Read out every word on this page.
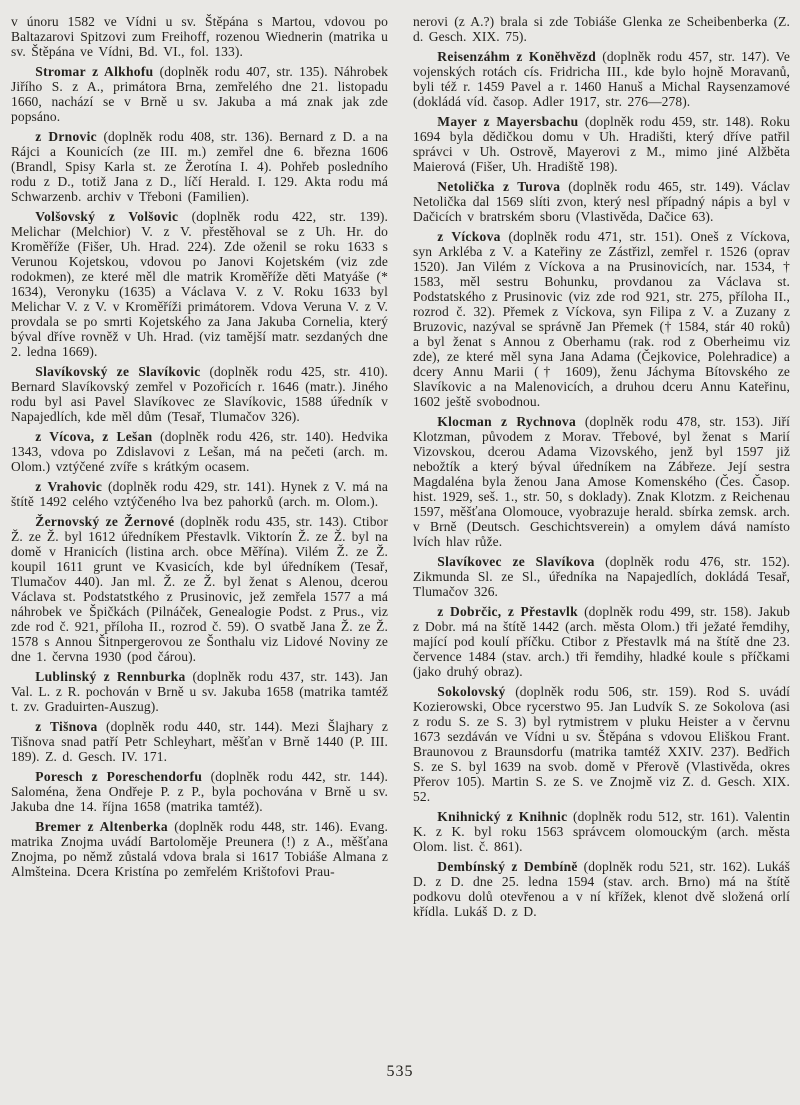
v únoru 1582 ve Vídni u sv. Štěpána s Martou, vdovou po Baltazarovi Spitzovi zum Freihoff, rozenou Wiednerin (matrika u sv. Štěpána ve Vídni, Bd. VI., fol. 133).

Stromar z Alkhofu (doplněk rodu 407, str. 135). Náhrobek Jiřího S. z A., primátora Brna, zemřelého dne 21. listopadu 1660, nachází se v Brně u sv. Jakuba a má znak jak zde popsáno.

z Drnovic (doplněk rodu 408, str. 136). Bernard z D. a na Rájci a Kounicích (ze III. m.) zemřel dne 6. března 1606 (Brandl, Spisy Karla st. ze Žerotína I. 4). Pohřeb posledního rodu z D., totiž Jana z D., líčí Herald. I. 129. Akta rodu má Schwarzenb. archiv v Třeboni (Familien).

Volšovský z Volšovic (doplněk rodu 422, str. 139). Melichar (Melchior) V. z V. přestěhoval se z Uh. Hr. do Kroměříže (Fišer, Uh. Hrad. 224). Zde oženil se roku 1633 s Verunou Kojetskou, vdovou po Janovi Kojetském (viz zde rodokmen), ze které měl dle matrik Kroměříže děti Matyáše (* 1634), Veronyku (1635) a Václava V. z V. Roku 1633 byl Melichar V. z V. v Kroměříži primátorem. Vdova Veruna V. z V. provdala se po smrti Kojetského za Jana Jakuba Cornelia, který býval dříve rovněž v Uh. Hrad. (viz tamější matr. sezdaných dne 2. ledna 1669).

Slavíkovský ze Slavíkovic (doplněk rodu 425, str. 410). Bernard Slavíkovský zemřel v Pozořicích r. 1646 (matr.). Jiného rodu byl asi Pavel Slavíkovec ze Slavíkovic, 1588 úředník v Napajedlích, kde měl dům (Tesař, Tlumačov 326).

z Vícova, z Lešan (doplněk rodu 426, str. 140). Hedvika 1343, vdova po Zdislavovi z Lešan, má na pečeti (arch. m. Olom.) vztýčené zvíře s krátkým ocasem.

z Vrahovic (doplněk rodu 429, str. 141). Hynek z V. má na štítě 1492 celého vztýčeného lva bez pahorků (arch. m. Olom.).

Žernovský ze Žernové (doplněk rodu 435, str. 143). Ctibor Ž. ze Ž. byl 1612 úředníkem Přestavlk. Viktorín Ž. ze Ž. byl na domě v Hranicích (listina arch. obce Měřína). Vilém Ž. ze Ž. koupil 1611 grunt ve Kvasicích, kde byl úředníkem (Tesař, Tlumačov 440). Jan ml. Ž. ze Ž. byl ženat s Alenou, dcerou Václava st. Podstatstkého z Prusinovic, jež zemřela 1577 a má náhrobek ve Špičkách (Pilnáček, Genealogie Podst. z Prus., viz zde rod č. 921, příloha II., rozrod č. 59). O svatbě Jana Ž. ze Ž. 1578 s Annou Šitnpergerovou ze Šonthalu viz Lidové Noviny ze dne 1. června 1930 (pod čárou).

Lublinský z Rennburka (doplněk rodu 437, str. 143). Jan Val. L. z R. pochován v Brně u sv. Jakuba 1658 (matrika tamtéž t. zv. Graduirten-Auszug).

z Tišnova (doplněk rodu 440, str. 144). Mezi Šlajhary z Tišnova snad patří Petr Schleyhart, měšťan v Brně 1440 (P. III. 189). Z. d. Gesch. IV. 171.

Poresch z Poreschendorfu (doplněk rodu 442, str. 144). Saloména, žena Ondřeje P. z P., byla pochována v Brně u sv. Jakuba dne 14. října 1658 (matrika tamtéž).

Bremer z Altenberka (doplněk rodu 448, str. 146). Evang. matrika Znojma uvádí Bartoloměje Preunera (!) z A., měšťana Znojma, po němž zůstalá vdova brala si 1617 Tobiáše Almana z Almšteina. Dcera Kristína po zemřelém Krištofovi Prau-

nerovi (z A.?) brala si zde Tobiáše Glenka ze Scheibenberka (Z. d. Gesch. XIX. 75).

Reisenzáhm z Koněhvězd (doplněk rodu 457, str. 147). Ve vojenských rotách cís. Fridricha III., kde bylo hojně Moravanů, byli též r. 1459 Pavel a r. 1460 Hanuš a Michal Raysenzamové (dokládá víd. časop. Adler 1917, str. 276—278).

Mayer z Mayersbachu (doplněk rodu 459, str. 148). Roku 1694 byla dědičkou domu v Uh. Hradišti, který dříve patřil správci v Uh. Ostrově, Mayerovi z M., mimo jiné Alžběta Maierová (Fišer, Uh. Hradiště 198).

Netolička z Turova (doplněk rodu 465, str. 149). Václav Netolička dal 1569 slíti zvon, který nesl případný nápis a byl v Dačicích v bratrském sboru (Vlastivěda, Dačice 63).

z Víckova (doplněk rodu 471, str. 151). Oneš z Víckova, syn Arkléba z V. a Kateřiny ze Zástřizl, zemřel r. 1526 (oprav 1520). Jan Vilém z Víckova a na Prusinovicích, nar. 1534, † 1583, měl sestru Bohunku, provdanou za Václava st. Podstatského z Prusinovic (viz zde rod 921, str. 275, příloha II., rozrod č. 32). Přemek z Víckova, syn Filipa z V. a Zuzany z Bruzovic, nazýval se správně Jan Přemek († 1584, stár 40 roků) a byl ženat s Annou z Oberhamu (rak. rod z Oberheimu viz zde), ze které měl syna Jana Adama (Čejkovice, Polehradice) a dcery Annu Marii († 1609), ženu Jáchyma Bítovského ze Slavíkovic a na Malenovicích, a druhou dceru Annu Kateřinu, 1602 ještě svobodnou.

Klocman z Rychnova (doplněk rodu 478, str. 153). Jiří Klotzman, původem z Morav. Třebové, byl ženat s Marií Vizovskou, dcerou Adama Vizovského, jenž byl 1597 již nebožtík a který býval úředníkem na Zábřeze. Její sestra Magdaléna byla ženou Jana Amose Komenského (Čes. Časop. hist. 1929, seš. 1., str. 50, s doklady). Znak Klotzm. z Reichenau 1597, měšťana Olomouce, vyobrazuje herald. sbírka zemsk. arch. v Brně (Deutsch. Geschichtsverein) a omylem dává namísto lvích hlav růže.

Slavíkovec ze Slavíkova (doplněk rodu 476, str. 152). Zikmunda Sl. ze Sl., úředníka na Napajedlích, dokládá Tesař, Tlumačov 326.

z Dobrčic, z Přestavlk (doplněk rodu 499, str. 158). Jakub z Dobr. má na štítě 1442 (arch. města Olom.) tři ježaté řemdihy, mající pod koulí příčku. Ctibor z Přestavlk má na štítě dne 23. července 1484 (stav. arch.) tři řemdihy, hladké koule s příčkami (jako druhý obraz).

Sokolovský (doplněk rodu 506, str. 159). Rod S. uvádí Kozierowski, Obce rycerstwo 95. Jan Ludvík S. ze Sokolova (asi z rodu S. ze S. 3) byl rytmistrem v pluku Heister a v červnu 1673 sezdáván ve Vídni u sv. Štěpána s vdovou Eliškou Frant. Braunovou z Braunsdorfu (matrika tamtéž XXIV. 237). Bedřich S. ze S. byl 1639 na svob. domě v Přerově (Vlastivěda, okres Přerov 105). Martin S. ze S. ve Znojmě viz Z. d. Gesch. XIX. 52.

Knihnický z Knihnic (doplněk rodu 512, str. 161). Valentin K. z K. byl roku 1563 správcem olomouckým (arch. města Olom. list. č. 861).

Dembínský z Dembíně (doplněk rodu 521, str. 162). Lukáš D. z D. dne 25. ledna 1594 (stav. arch. Brno) má na štítě podkovu dolů otevřenou a v ní křížek, klenot dvě složená orlí křídla. Lukáš D. z D.

535
